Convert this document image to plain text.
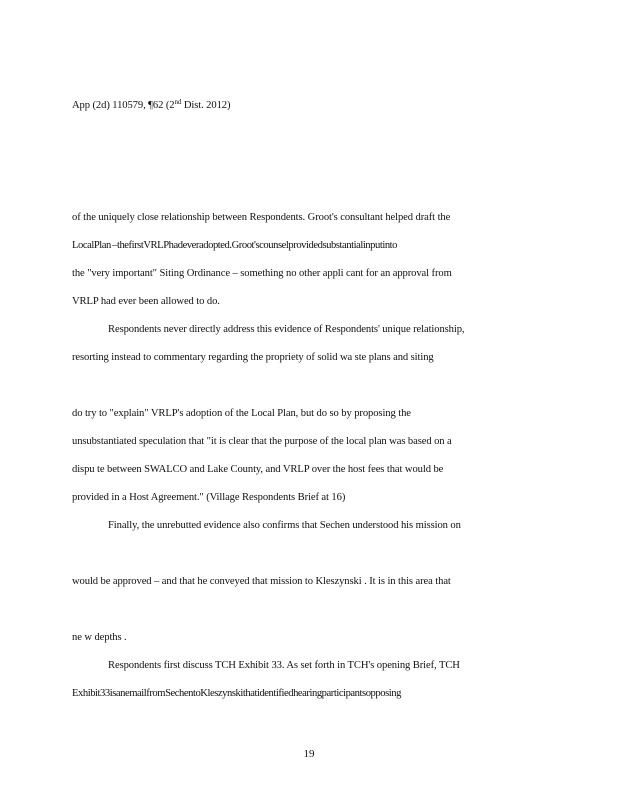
App (2d) 110579, ¶62 (2nd Dist. 2012)
of the uniquely close relationship between Respondents. Groot's consultant helped draft the
LocalPlan –thefirstVRLPhadeveradopted.Groot'scounselprovidedsubstantialinputinto
the "very important" Siting Ordinance – something no other appli cant for an approval from
VRLP had ever been allowed to do.
Respondents never directly address this evidence of Respondents' unique relationship,
resorting instead to commentary regarding the propriety of solid wa ste plans and siting
do try to "explain" VRLP's adoption of the Local Plan, but do so by proposing the
unsubstantiated speculation that "it is clear that the purpose of the local plan was based on a
dispu te between SWALCO and Lake County, and VRLP over the host fees that would be
provided in a Host Agreement." (Village Respondents Brief at 16)
Finally, the unrebutted evidence also confirms that Sechen understood his mission on
would be approved – and that he conveyed that mission to Kleszynski . It is in this area that
ne w depths .
Respondents first discuss TCH Exhibit 33. As set forth in TCH's opening Brief, TCH
Exhibit33isanemailfromSechentoKleszynskithatidentifiedhearingparticipantsopposing
19
